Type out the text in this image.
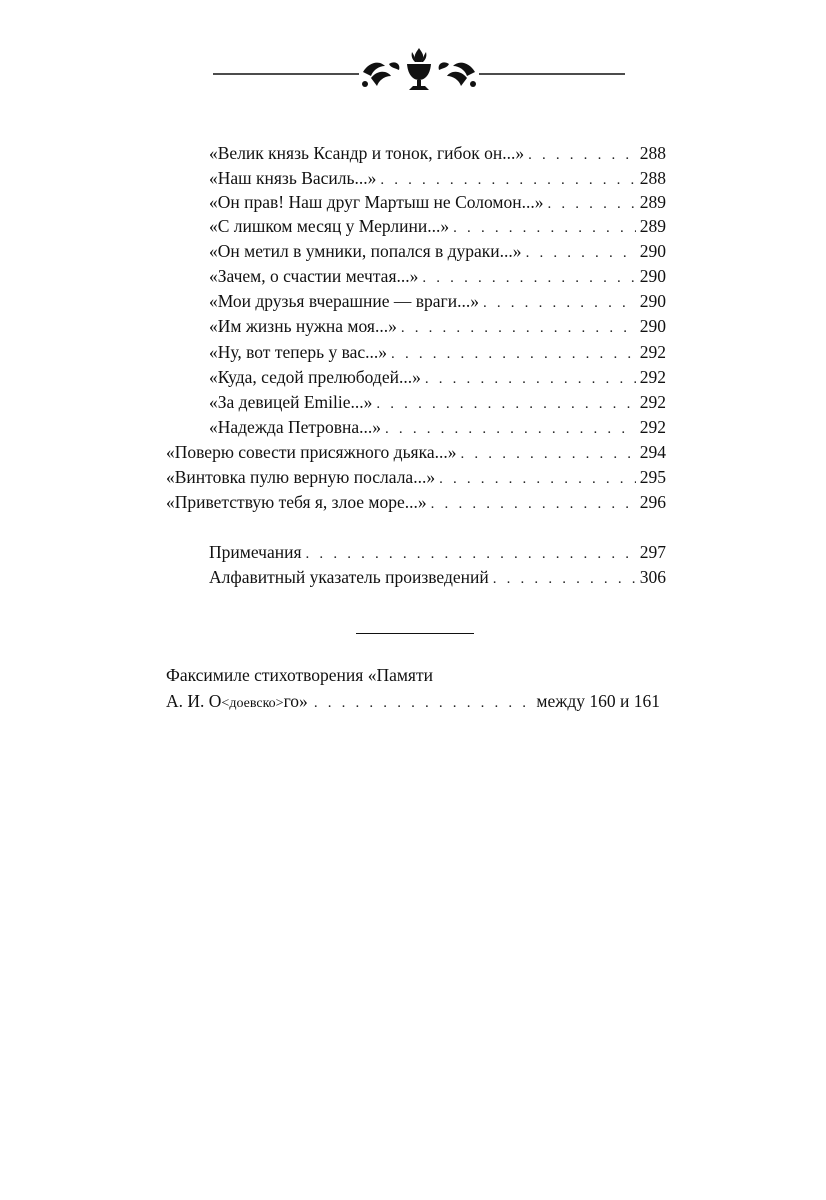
«Велик князь Ксандр и тонок, гибок он...» . . .	288
«Наш князь Василь...» . . .	288
«Он прав! Наш друг Мартыш не Соломон...» . . .	289
«С лишком месяц у Мерлини...» . . .	289
«Он метил в умники, попался в дураки...» . . .	290
«Зачем, о счастии мечтая...» . . .	290
«Мои друзья вчерашние — враги...» . . .	290
«Им жизнь нужна моя...» . . .	290
«Ну, вот теперь у вас...» . . .	292
«Куда, седой прелюбодей...» . . .	292
«За девицей Emilie...» . . .	292
«Надежда Петровна...» . . .	292
«Поверю совести присяжного дьяка...» . . .	294
«Винтовка пулю верную послала...» . . .	295
«Приветствую тебя я, злое море...» . . .	296
Примечания . . .	297
Алфавитный указатель произведений . . .	306
Факсимиле стихотворения «Памяти
А. И. О<доевско>го» . . .	между 160 и 161
